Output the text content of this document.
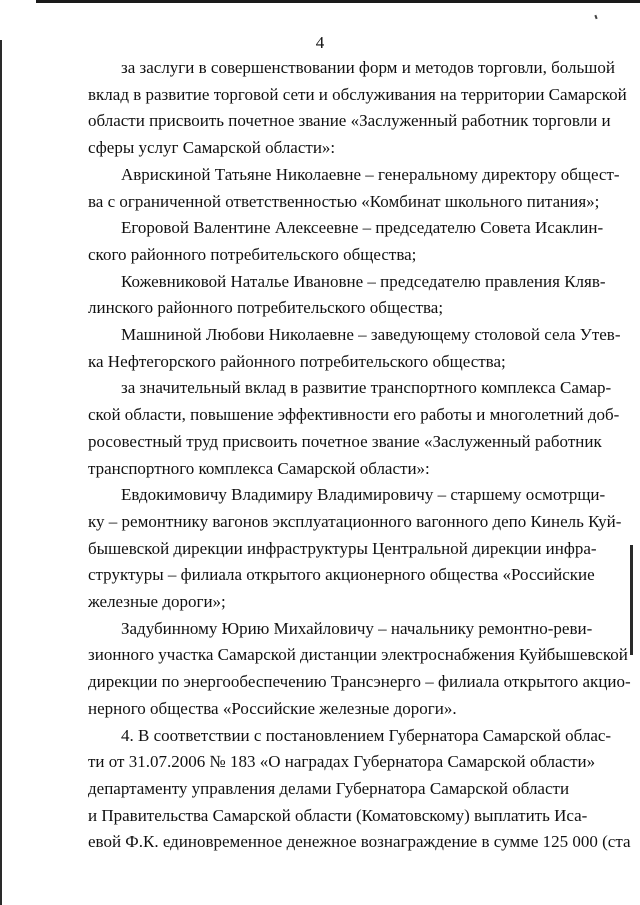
4
за заслуги в совершенствовании форм и методов торговли, большой
вклад в развитие торговой сети и обслуживания на территории Самарской
области присвоить почетное звание «Заслуженный работник торговли и
сферы услуг Самарской области»:
Аврискиной Татьяне Николаевне – генеральному директору общест-
ва с ограниченной ответственностью «Комбинат школьного питания»;
Егоровой Валентине Алексеевне – председателю Совета Исаклин-
ского районного потребительского общества;
Кожевниковой Наталье Ивановне – председателю правления Кляв-
линского районного потребительского общества;
Машниной Любови Николаевне – заведующему столовой села Утев-
ка Нефтегорского районного потребительского общества;
за значительный вклад в развитие транспортного комплекса Самар-
ской области, повышение эффективности его работы и многолетний доб-
росовестный труд присвоить почетное звание «Заслуженный работник
транспортного комплекса Самарской области»:
Евдокимовичу Владимиру Владимировичу – старшему осмотрщи-
ку – ремонтнику вагонов эксплуатационного вагонного депо Кинель Куй-
бышевской дирекции инфраструктуры Центральной дирекции инфра-
структуры – филиала открытого акционерного общества «Российские
железные дороги»;
Задубинному Юрию Михайловичу – начальнику ремонтно-реви-
зионного участка Самарской дистанции электроснабжения Куйбышевской
дирекции по энергообеспечению Трансэнерго – филиала открытого акцио-
нерного общества «Российские железные дороги».
4. В соответствии с постановлением Губернатора Самарской облас-
ти от 31.07.2006 № 183 «О наградах Губернатора Самарской области»
департаменту управления делами Губернатора Самарской области
и Правительства Самарской области (Коматовскому) выплатить Иса-
евой Ф.К. единовременное денежное вознаграждение в сумме 125 000 (ста
